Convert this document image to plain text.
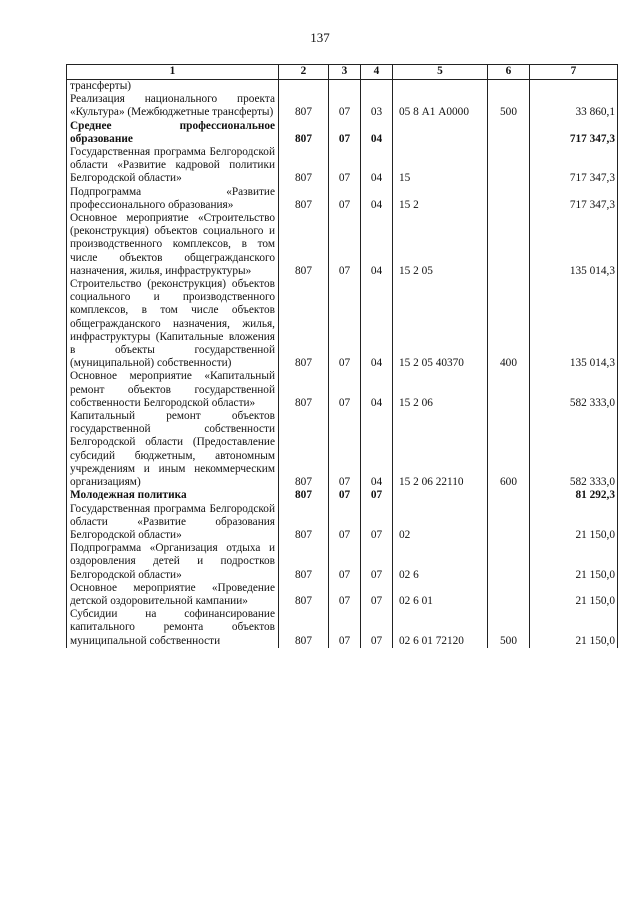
137
1	2	3	4	5	6	7
трансферты)						
Реализация национального проекта «Культура» (Межбюджетные трансферты)	807	07	03	05 8 А1 А0000	500	33 860,1
Среднее профессиональное образование	807	07	04			717 347,3
Государственная программа Белгородской области «Развитие кадровой политики Белгородской области»	807	07	04	15		717 347,3
Подпрограмма «Развитие профессионального образования»	807	07	04	15 2		717 347,3
Основное мероприятие «Строительство (реконструкция) объектов социального и производственного комплексов, в том числе объектов общегражданского назначения, жилья, инфраструктуры»	807	07	04	15 2 05		135 014,3
Строительство (реконструкция) объектов социального и производственного комплексов, в том числе объектов общегражданского назначения, жилья, инфраструктуры (Капитальные вложения в объекты государственной (муниципальной) собственности)	807	07	04	15 2 05 40370	400	135 014,3
Основное мероприятие «Капитальный ремонт объектов государственной собственности Белгородской области»	807	07	04	15 2 06		582 333,0
Капитальный ремонт объектов государственной собственности Белгородской области (Предоставление субсидий бюджетным, автономным учреждениям и иным некоммерческим организациям)	807	07	04	15 2 06 22110	600	582 333,0
Молодежная политика	807	07	07			81 292,3
Государственная программа Белгородской области «Развитие образования Белгородской области»	807	07	07	02		21 150,0
Подпрограмма «Организация отдыха и оздоровления детей и подростков Белгородской области»	807	07	07	02 6		21 150,0
Основное мероприятие «Проведение детской оздоровительной кампании»	807	07	07	02 6 01		21 150,0
Субсидии на софинансирование капитального ремонта объектов муниципальной собственности	807	07	07	02 6 01 72120	500	21 150,0
